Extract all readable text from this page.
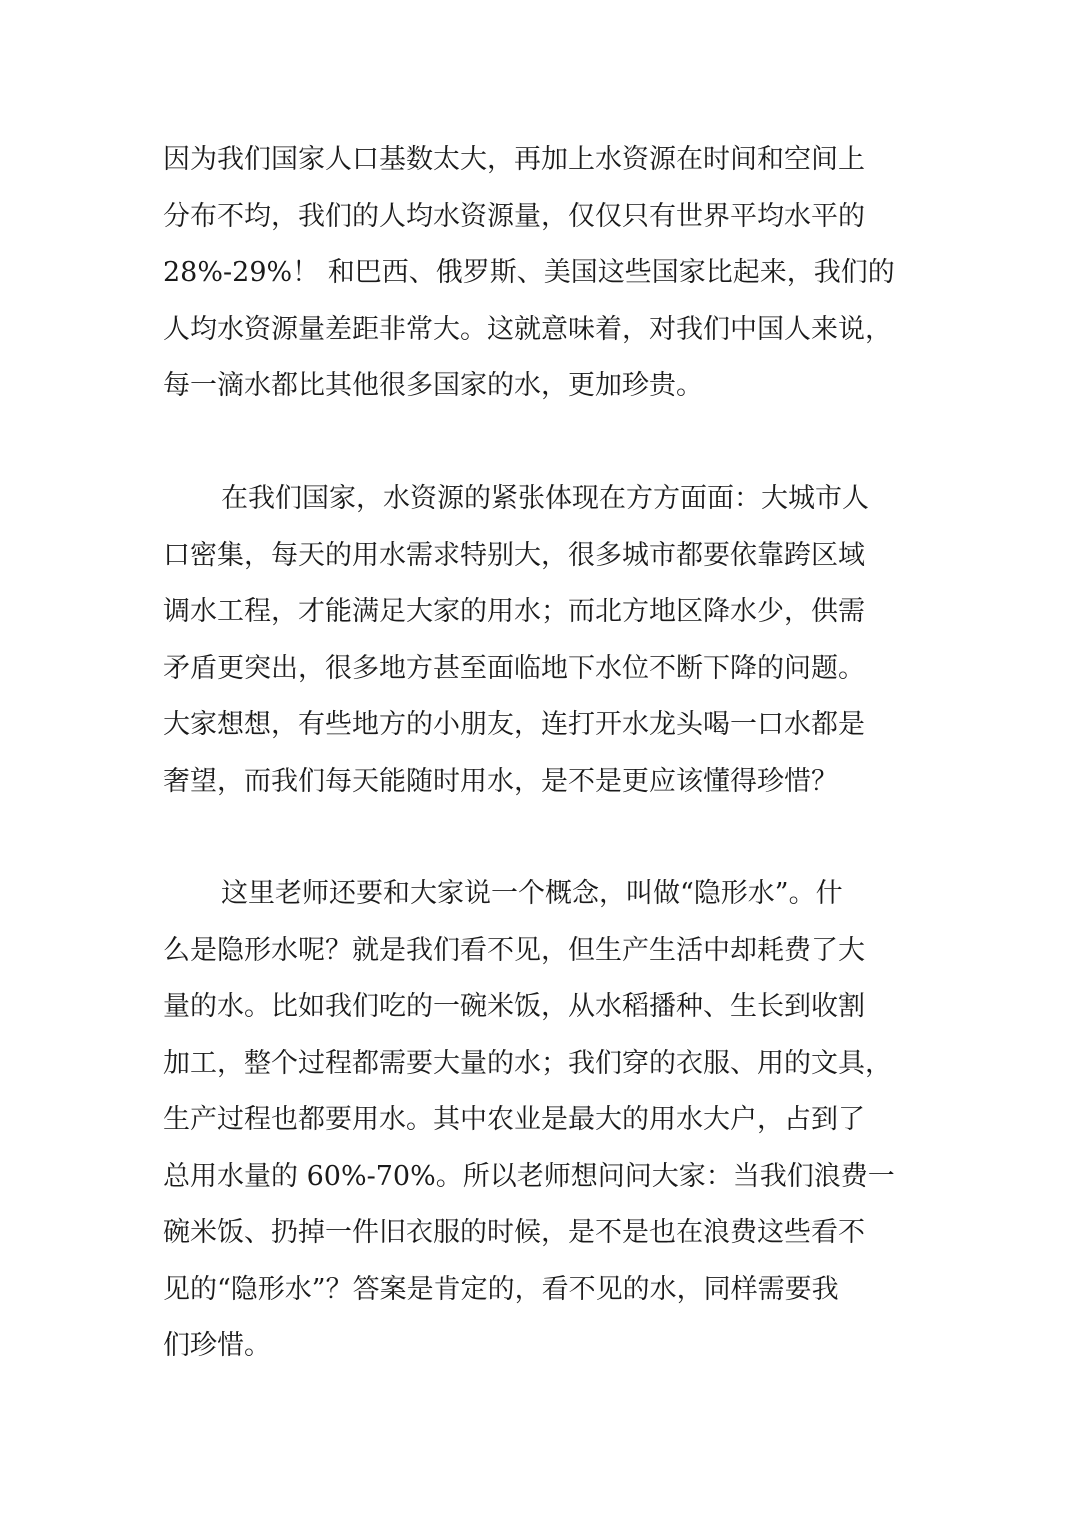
因为我们国家人口基数太大，再加上水资源在时间和空间上
分布不均，我们的人均水资源量，仅仅只有世界平均水平的
28%-29%！ 和巴西、俄罗斯、美国这些国家比起来，我们的
人均水资源量差距非常大。这就意味着，对我们中国人来说，
每一滴水都比其他很多国家的水，更加珍贵。
在我们国家，水资源的紧张体现在方方面面：大城市人
口密集，每天的用水需求特别大，很多城市都要依靠跨区域
调水工程，才能满足大家的用水；而北方地区降水少，供需
矛盾更突出，很多地方甚至面临地下水位不断下降的问题。
大家想想，有些地方的小朋友，连打开水龙头喝一口水都是
奢望，而我们每天能随时用水，是不是更应该懂得珍惜？
这里老师还要和大家说一个概念，叫做“隐形水”。什
么是隐形水呢？就是我们看不见，但生产生活中却耗费了大
量的水。比如我们吃的一碗米饭，从水稻播种、生长到收割
加工，整个过程都需要大量的水；我们穿的衣服、用的文具，
生产过程也都要用水。其中农业是最大的用水大户，占到了
总用水量的 60%-70%。所以老师想问问大家：当我们浪费一
碗米饭、扔掉一件旧衣服的时候，是不是也在浪费这些看不
见的“隐形水”？答案是肯定的，看不见的水，同样需要我
们珍惜。
